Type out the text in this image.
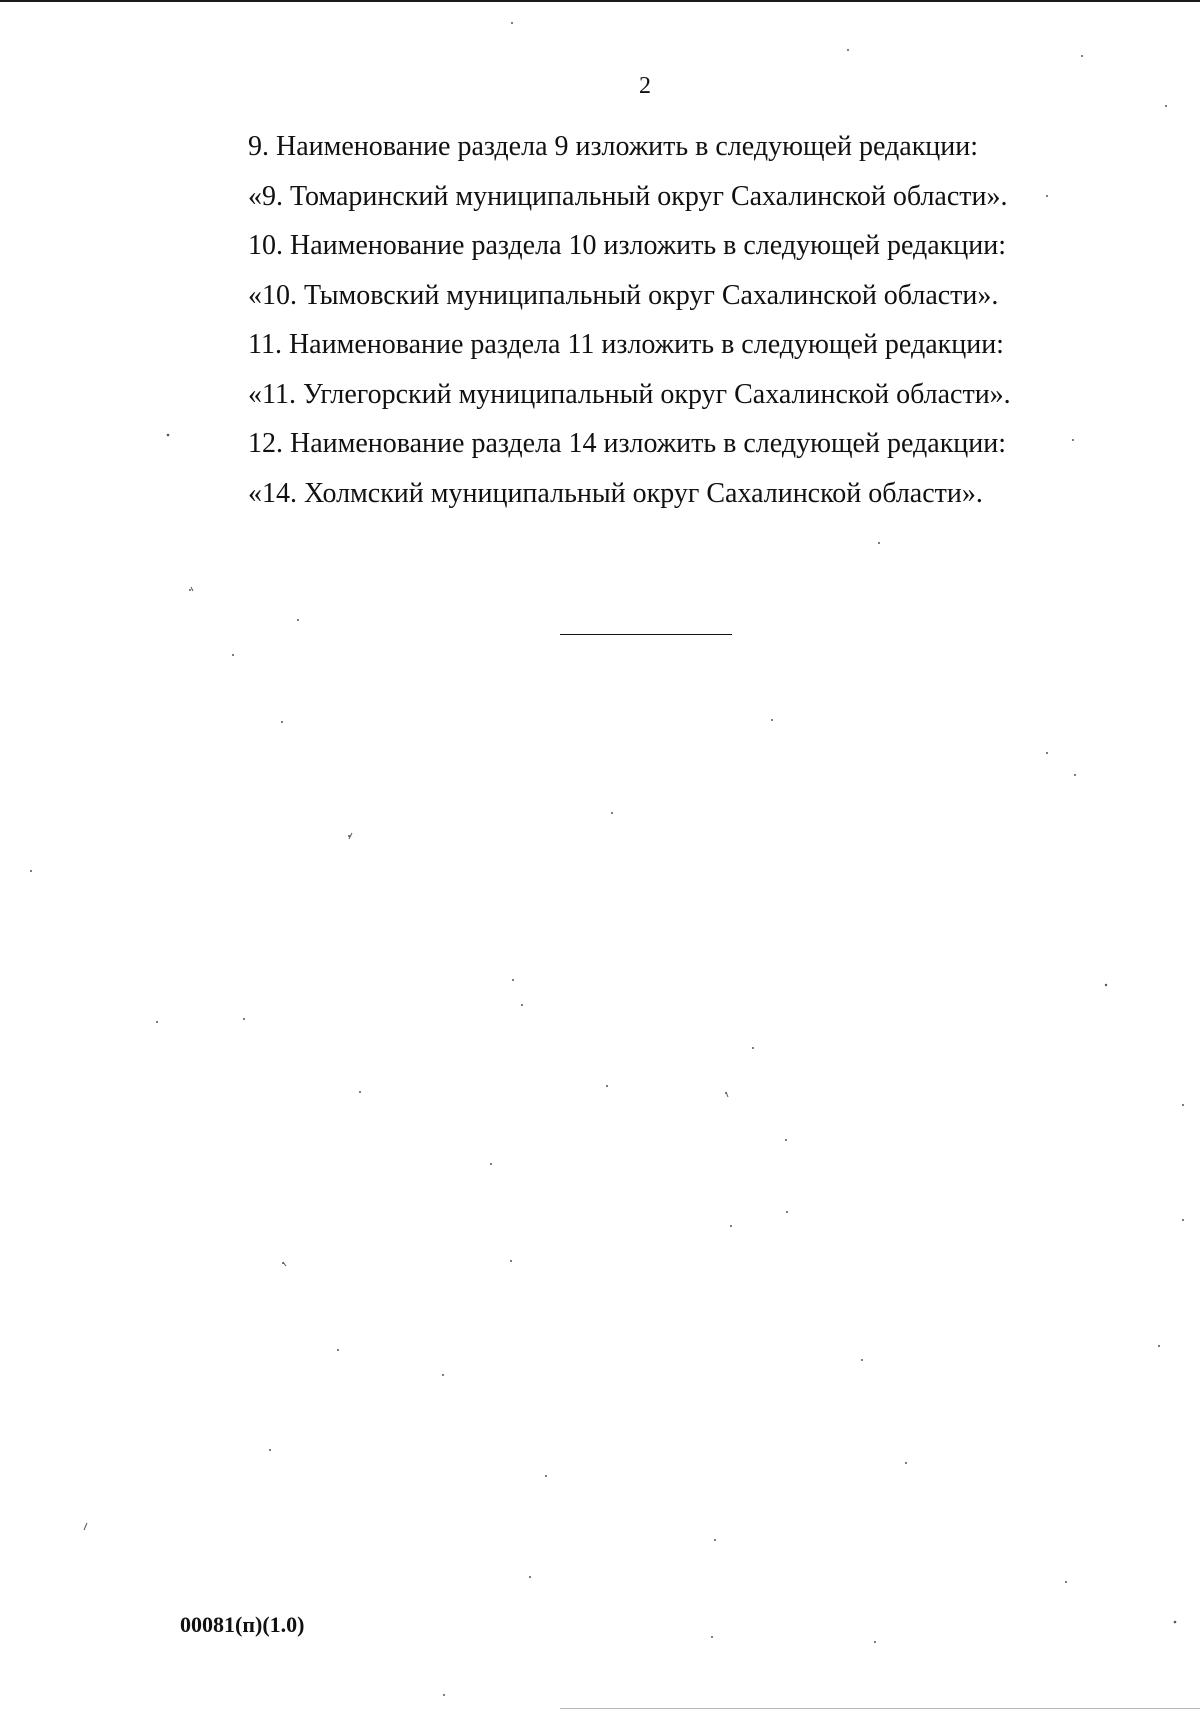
2
9. Наименование раздела 9 изложить в следующей редакции:
«9. Томаринский муниципальный округ Сахалинской области».
10. Наименование раздела 10 изложить в следующей редакции:
«10. Тымовский муниципальный округ Сахалинской области».
11. Наименование раздела 11 изложить в следующей редакции:
«11. Углегорский муниципальный округ Сахалинской области».
12. Наименование раздела 14 изложить в следующей редакции:
«14. Холмский муниципальный округ Сахалинской области».
00081(п)(1.0)
